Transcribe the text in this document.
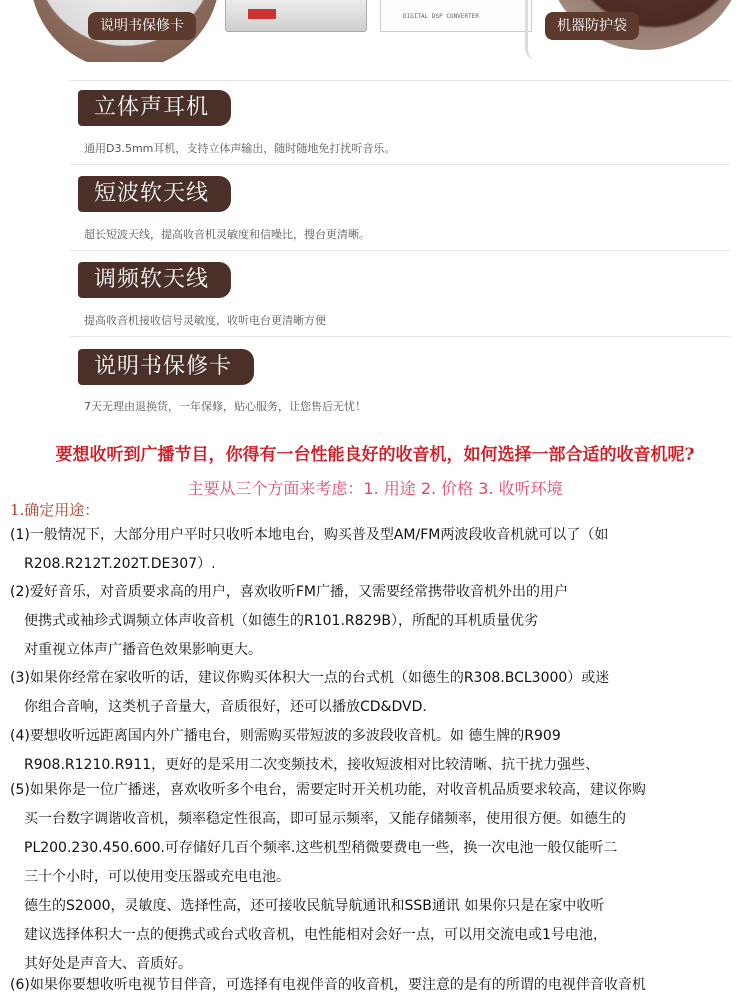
DIGITAL DSP CONVERTER
说明书保修卡	机器防护袋
立体声耳机
通用D3.5mm耳机，支持立体声输出，随时随地免打扰听音乐。
短波软天线
超长短波天线，提高收音机灵敏度和信噪比，搜台更清晰。
调频软天线
提高收音机接收信号灵敏度，收听电台更清晰方便
说明书保修卡
7天无理由退换货，一年保修，贴心服务，让您售后无忧！
要想收听到广播节目，你得有一台性能良好的收音机，如何选择一部合适的收音机呢?
主要从三个方面来考虑：1. 用途 2. 价格 3. 收听环境
1.确定用途：
(1)一般情况下，大部分用户平时只收听本地电台，购买普及型AM/FM两波段收音机就可以了（如
R208.R212T.202T.DE307）.
(2)爱好音乐，对音质要求高的用户，喜欢收听FM广播，又需要经常携带收音机外出的用户
便携式或袖珍式调频立体声收音机（如德生的R101.R829B），所配的耳机质量优劣
对重视立体声广播音色效果影响更大。
(3)如果你经常在家收听的话，建议你购买体积大一点的台式机（如德生的R308.BCL3000）或迷
你组合音响，这类机子音量大，音质很好，还可以播放CD&DVD.
(4)要想收听远距离国内外广播电台，则需购买带短波的多波段收音机。如 德生牌的R909
R908.R1210.R911，更好的是采用二次变频技术，接收短波相对比较清晰、抗干扰力强些、
(5)如果你是一位广播迷，喜欢收听多个电台，需要定时开关机功能，对收音机品质要求较高，建议你购
买一台数字调谐收音机，频率稳定性很高，即可显示频率，又能存储频率，使用很方便。如德生的
PL200.230.450.600.可存储好几百个频率.这些机型稍微要费电一些，换一次电池一般仅能听二
三十个小时，可以使用变压器或充电电池。
德生的S2000，灵敏度、选择性高，还可接收民航导航通讯和SSB通讯 如果你只是在家中收听
建议选择体积大一点的便携式或台式收音机，电性能相对会好一点，可以用交流电或1号电池，
其好处是声音大、音质好。
(6)如果你要想收听电视节目伴音，可选择有电视伴音的收音机，要注意的是有的所谓的电视伴音收音机
